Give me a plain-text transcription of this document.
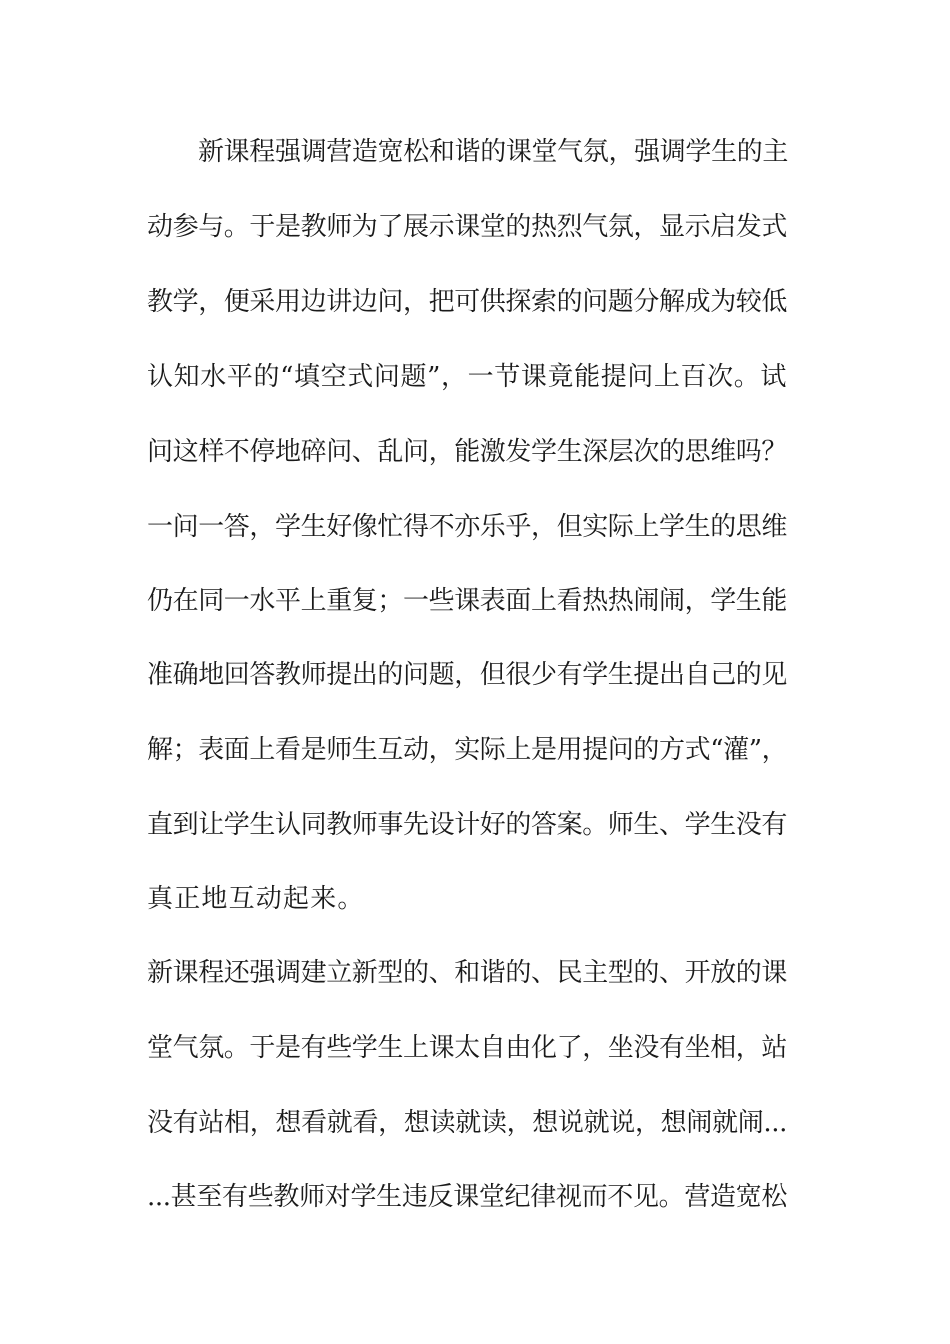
新课程强调营造宽松和谐的课堂气氛，强调学生的主
动参与。于是教师为了展示课堂的热烈气氛，显示启发式
教学，便采用边讲边问，把可供探索的问题分解成为较低
认知水平的“填空式问题”，一节课竟能提问上百次。试
问这样不停地碎问、乱问，能激发学生深层次的思维吗？
一问一答，学生好像忙得不亦乐乎，但实际上学生的思维
仍在同一水平上重复；一些课表面上看热热闹闹，学生能
准确地回答教师提出的问题，但很少有学生提出自己的见
解；表面上看是师生互动，实际上是用提问的方式“灌”，
直到让学生认同教师事先设计好的答案。师生、学生没有
真正地互动起来。
新课程还强调建立新型的、和谐的、民主型的、开放的课
堂气氛。于是有些学生上课太自由化了，坐没有坐相，站
没有站相，想看就看，想读就读，想说就说，想闹就闹...
...甚至有些教师对学生违反课堂纪律视而不见。营造宽松
